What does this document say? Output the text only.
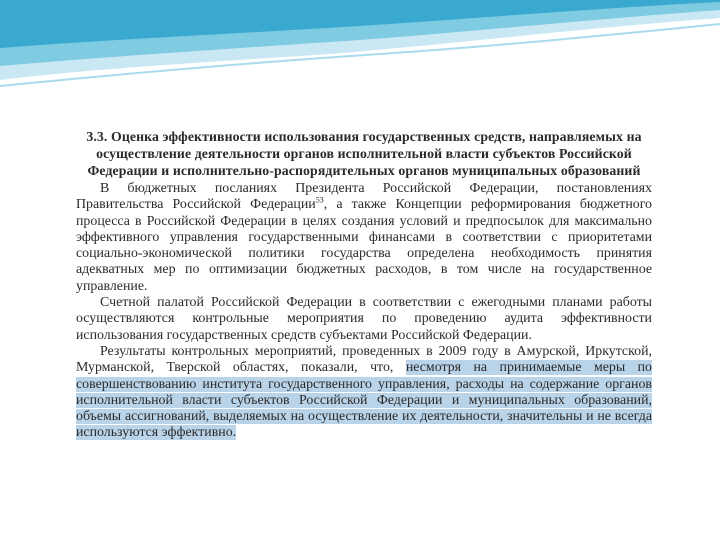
3.3. Оценка эффективности использования государственных средств, направляемых на осуществление деятельности органов исполнительной власти субъектов Российской Федерации и исполнительно-распорядительных органов муниципальных образований

В бюджетных посланиях Президента Российской Федерации, постановлениях Правительства Российской Федерации$^{53}$, а также Концепции реформирования бюджетного процесса в Российской Федерации в целях создания условий и предпосылок для максимально эффективного управления государственными финансами в соответствии с приоритетами социально-экономической политики государства определена необходимость принятия адекватных мер по оптимизации бюджетных расходов, в том числе на государственное управление.

Счетной палатой Российской Федерации в соответствии с ежегодными планами работы осуществляются контрольные мероприятия по проведению аудита эффективности использования государственных средств субъектами Российской Федерации.

Результаты контрольных мероприятий, проведенных в 2009 году в Амурской, Иркутской, Мурманской, Тверской областях, показали, что, несмотря на принимаемые меры по совершенствованию института государственного управления, расходы на содержание органов исполнительной власти субъектов Российской Федерации и муниципальных образований, объемы ассигнований, выделяемых на осуществление их деятельности, значительны и не всегда используются эффективно.
